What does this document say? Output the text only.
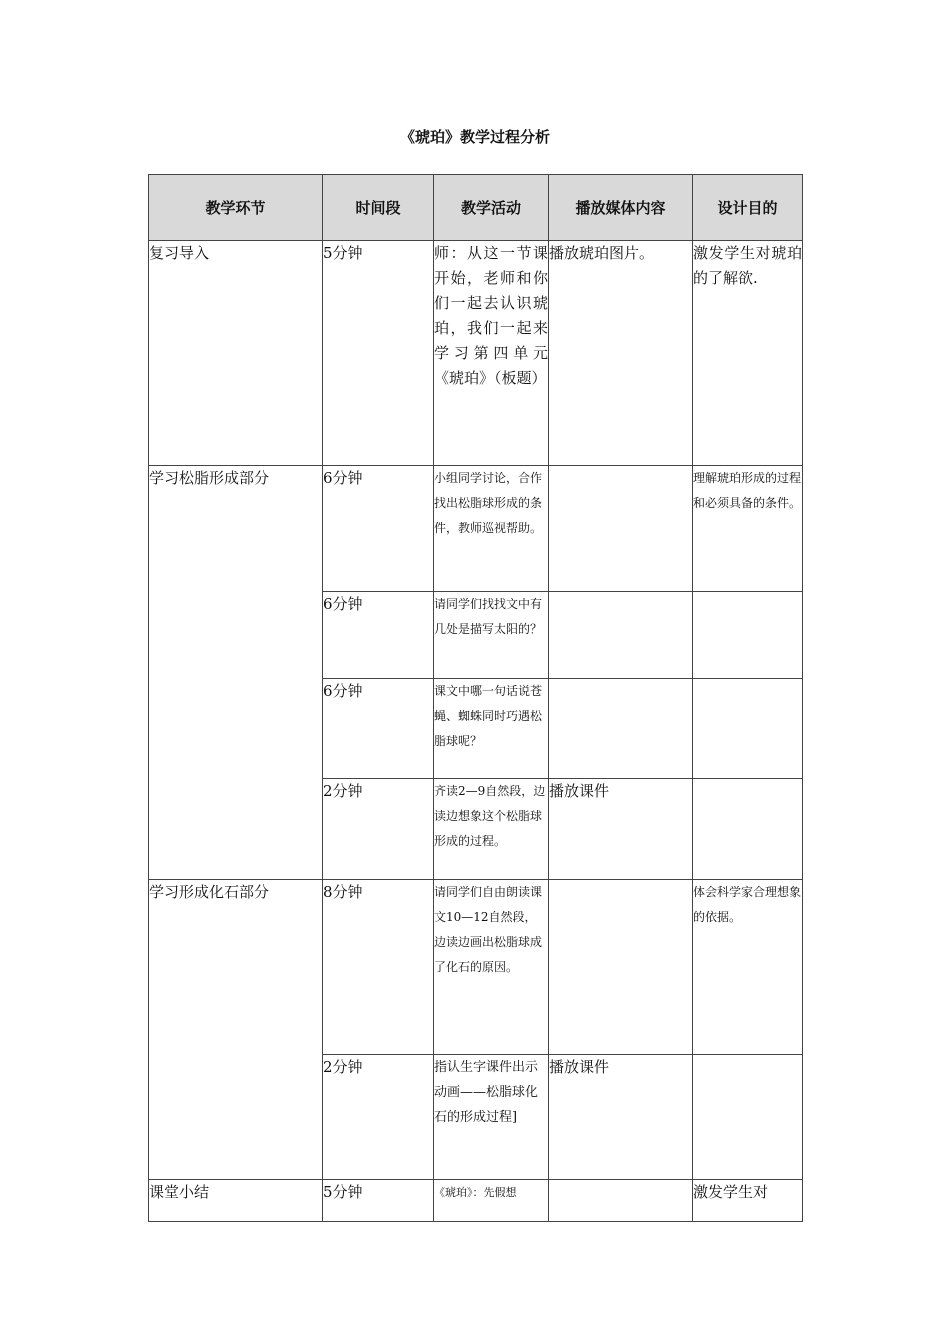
《琥珀》教学过程分析
教学环节	时间段	教学活动	播放媒体内容	设计目的
复习导入	5分钟	师：从这一节课开始，老师和你们一起去认识琥珀，我们一起来学习第四单元《琥珀》（板题）	播放琥珀图片。	激发学生对琥珀的了解欲.
学习松脂形成部分	6分钟	小组同学讨论，合作找出松脂球形成的条件，教师巡视帮助。		理解琥珀形成的过程和必须具备的条件。
	6分钟	请同学们找找文中有几处是描写太阳的？		
	6分钟	课文中哪一句话说苍蝇、蜘蛛同时巧遇松脂球呢？		
	2分钟	齐读2—9自然段，边读边想象这个松脂球形成的过程。	播放课件	
学习形成化石部分	8分钟	请同学们自由朗读课文10—12自然段，边读边画出松脂球成了化石的原因。		体会科学家合理想象的依据。
	2分钟	指认生字课件出示动画——松脂球化石的形成过程]	播放课件	
课堂小结	5分钟	《琥珀》：先假想		激发学生对
